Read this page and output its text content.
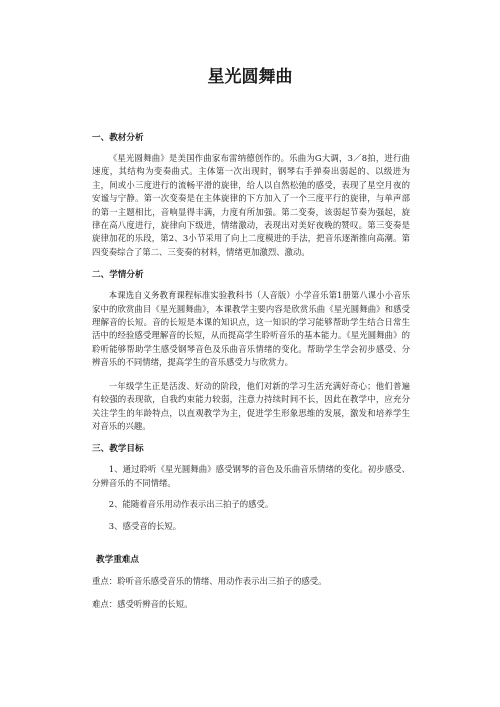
星光圆舞曲
一、教材分析

《星光圆舞曲》是美国作曲家布雷纳德创作的。乐曲为G大调，3／8拍，进行曲速度，其结构为变奏曲式。主体第一次出现时，钢琴右手弹奏出弱起的、以级进为主，间或小三度进行的流畅平滑的旋律，给人以自然松弛的感受，表现了星空月夜的安谧与宁静。第一次变奏是在主体旋律的下方加入了一个三度平行的旋律，与单声部的第一主题相比，音响显得丰满，力度有所加强。第二变奏，该弱起节奏为强起，旋律在高八度进行，旋律向下级进，情绪激动，表现出对美好夜晚的赞叹。第三变奏是旋律加花的乐段，第2、3小节采用了向上二度模进的手法，把音乐逐渐推向高潮。第四变奏综合了第二、三变奏的材料，情绪更加激烈、激动。

二、学情分析

本课选自义务教育课程标准实验教科书（人音版）小学音乐第1册第八课小小音乐家中的欣赏曲目《星光圆舞曲》，本课教学主要内容是欣赏乐曲《星光圆舞曲》和感受理解音的长短。音的长短是本课的知识点，这一知识的学习能够帮助学生结合日常生活中的经验感受理解音的长短，从而提高学生聆听音乐的基本能力。《星光圆舞曲》的聆听能够帮助学生感受钢琴音色及乐曲音乐情绪的变化。帮助学生学会初步感受、分辨音乐的不同情绪，提高学生的音乐感受力与欣赏力。

一年级学生正是活泼、好动的阶段，他们对新的学习生活充满好奇心；他们普遍有较强的表现欲，自我约束能力较弱，注意力持续时间不长，因此在教学中，应充分关注学生的年龄特点，以直观教学为主，促进学生形象思维的发展，激发和培养学生对音乐的兴趣。

三、教学目标

1、通过聆听《星光圆舞曲》感受钢琴的音色及乐曲音乐情绪的变化。初步感受、分辨音乐的不同情绪。

2、能随着音乐用动作表示出三拍子的感受。

3、感受音的长短。

教学重难点

重点：聆听音乐感受音乐的情绪、用动作表示出三拍子的感受。

难点：感受听辨音的长短。
